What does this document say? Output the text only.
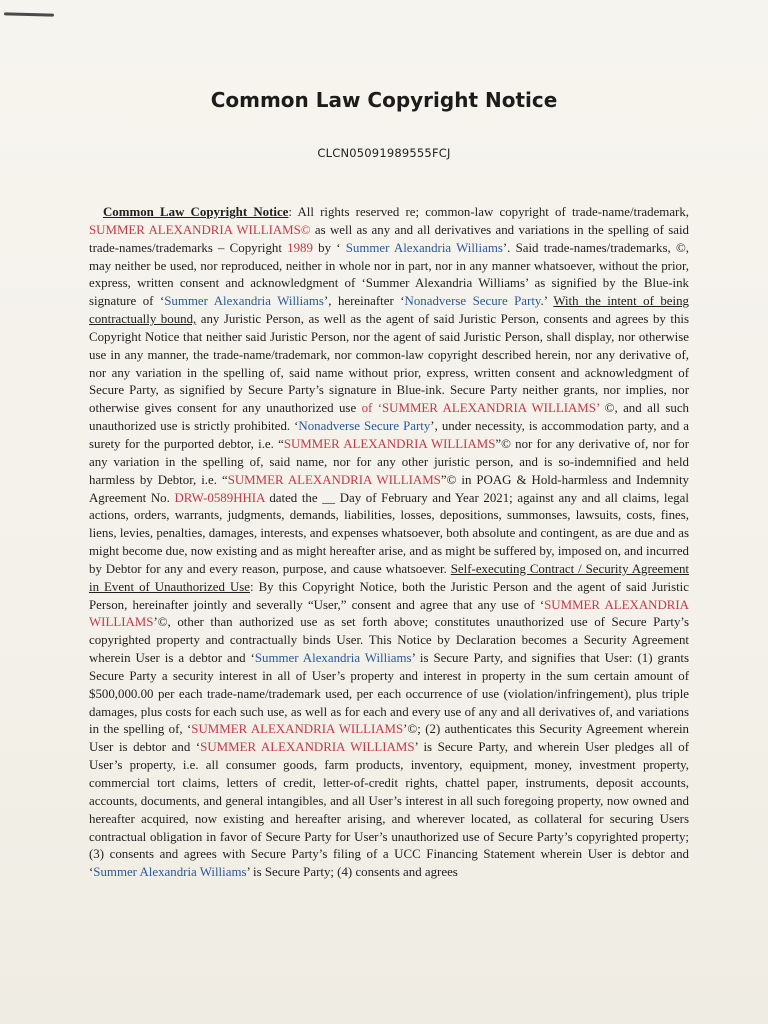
Common Law Copyright Notice
CLCN05091989555FCJ

Common Law Copyright Notice: All rights reserved re; common-law copyright of trade-name/trademark, SUMMER ALEXANDRIA WILLIAMS© as well as any and all derivatives and variations in the spelling of said trade-names/trademarks – Copyright 1989 by ‘ Summer Alexandria Williams’. Said trade-names/trademarks, ©, may neither be used, nor reproduced, neither in whole nor in part, nor in any manner whatsoever, without the prior, express, written consent and acknowledgment of ‘Summer Alexandria Williams’ as signified by the Blue-ink signature of ‘Summer Alexandria Williams’, hereinafter ‘Nonadverse Secure Party.’ With the intent of being contractually bound, any Juristic Person, as well as the agent of said Juristic Person, consents and agrees by this Copyright Notice that neither said Juristic Person, nor the agent of said Juristic Person, shall display, nor otherwise use in any manner, the trade-name/trademark, nor common-law copyright described herein, nor any derivative of, nor any variation in the spelling of, said name without prior, express, written consent and acknowledgment of Secure Party, as signified by Secure Party’s signature in Blue-ink. Secure Party neither grants, nor implies, nor otherwise gives consent for any unauthorized use of ‘SUMMER ALEXANDRIA WILLIAMS’ ©, and all such unauthorized use is strictly prohibited. ‘Nonadverse Secure Party’, under necessity, is accommodation party, and a surety for the purported debtor, i.e. “SUMMER ALEXANDRIA WILLIAMS”© nor for any derivative of, nor for any variation in the spelling of, said name, nor for any other juristic person, and is so-indemnified and held harmless by Debtor, i.e. “SUMMER ALEXANDRIA WILLIAMS”© in POAG & Hold-harmless and Indemnity Agreement No. DRW-0589HHIA dated the __ Day of February and Year 2021; against any and all claims, legal actions, orders, warrants, judgments, demands, liabilities, losses, depositions, summonses, lawsuits, costs, fines, liens, levies, penalties, damages, interests, and expenses whatsoever, both absolute and contingent, as are due and as might become due, now existing and as might hereafter arise, and as might be suffered by, imposed on, and incurred by Debtor for any and every reason, purpose, and cause whatsoever. Self-executing Contract / Security Agreement in Event of Unauthorized Use: By this Copyright Notice, both the Juristic Person and the agent of said Juristic Person, hereinafter jointly and severally “User,” consent and agree that any use of ‘SUMMER ALEXANDRIA WILLIAMS’©, other than authorized use as set forth above; constitutes unauthorized use of Secure Party’s copyrighted property and contractually binds User. This Notice by Declaration becomes a Security Agreement wherein User is a debtor and ‘Summer Alexandria Williams’ is Secure Party, and signifies that User: (1) grants Secure Party a security interest in all of User’s property and interest in property in the sum certain amount of $500,000.00 per each trade-name/trademark used, per each occurrence of use (violation/infringement), plus triple damages, plus costs for each such use, as well as for each and every use of any and all derivatives of, and variations in the spelling of, ‘SUMMER ALEXANDRIA WILLIAMS’©; (2) authenticates this Security Agreement wherein User is debtor and ‘SUMMER ALEXANDRIA WILLIAMS’ is Secure Party, and wherein User pledges all of User’s property, i.e. all consumer goods, farm products, inventory, equipment, money, investment property, commercial tort claims, letters of credit, letter-of-credit rights, chattel paper, instruments, deposit accounts, accounts, documents, and general intangibles, and all User’s interest in all such foregoing property, now owned and hereafter acquired, now existing and hereafter arising, and wherever located, as collateral for securing Users contractual obligation in favor of Secure Party for User’s unauthorized use of Secure Party’s copyrighted property; (3) consents and agrees with Secure Party’s filing of a UCC Financing Statement wherein User is debtor and ‘Summer Alexandria Williams’ is Secure Party; (4) consents and agrees
